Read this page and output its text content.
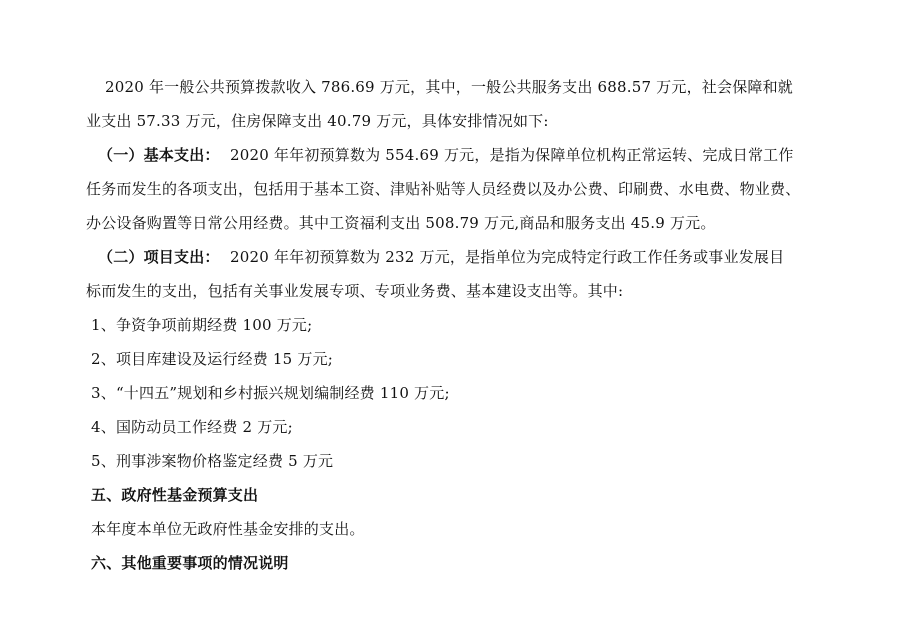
2020 年一般公共预算拨款收入 786.69 万元，其中，一般公共服务支出 688.57 万元，社会保障和就
业支出 57.33 万元，住房保障支出 40.79 万元，具体安排情况如下:
（一）基本支出： 2020 年年初预算数为 554.69 万元，是指为保障单位机构正常运转、完成日常工作
任务而发生的各项支出，包括用于基本工资、津贴补贴等人员经费以及办公费、印刷费、水电费、物业费、
办公设备购置等日常公用经费。其中工资福利支出 508.79 万元,商品和服务支出 45.9 万元。
（二）项目支出： 2020 年年初预算数为 232 万元，是指单位为完成特定行政工作任务或事业发展目
标而发生的支出，包括有关事业发展专项、专项业务费、基本建设支出等。其中:
1、争资争项前期经费 100 万元;
2、项目库建设及运行经费 15 万元;
3、“十四五”规划和乡村振兴规划编制经费 110 万元;
4、国防动员工作经费 2 万元;
5、刑事涉案物价格鉴定经费 5 万元
五、政府性基金预算支出
本年度本单位无政府性基金安排的支出。
六、其他重要事项的情况说明
